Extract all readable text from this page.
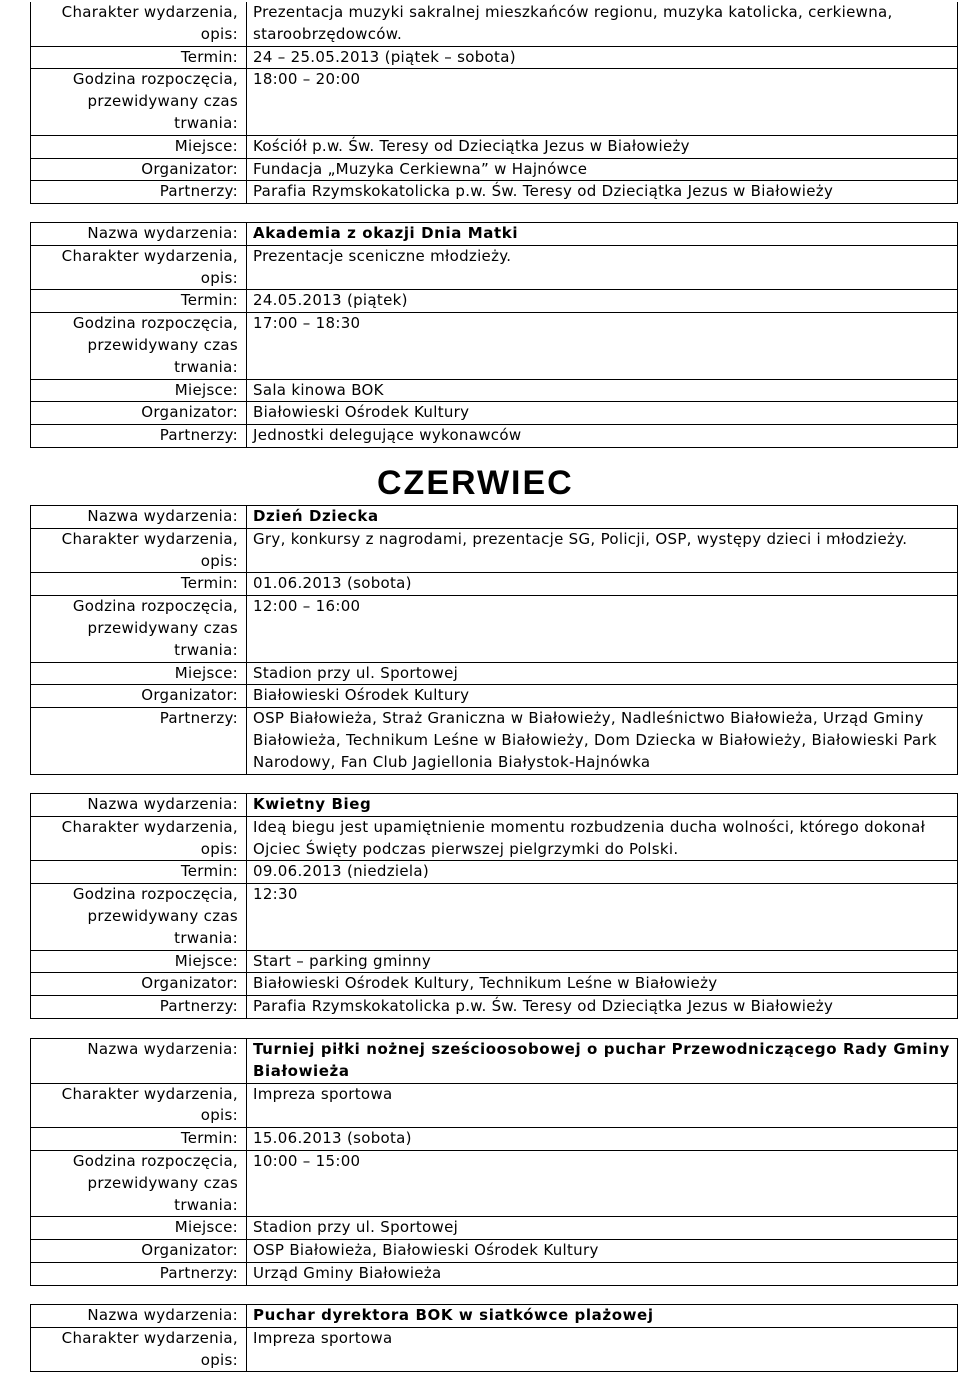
Charakter wydarzenia,
opis:	Prezentacja muzyki sakralnej mieszkańców regionu, muzyka katolicka, cerkiewna, staroobrzędowców.
Termin:	24 – 25.05.2013 (piątek – sobota)
Godzina rozpoczęcia,
przewidywany czas
trwania:	18:00 – 20:00
Miejsce:	Kościół p.w. Św. Teresy od Dzieciątka Jezus w Białowieży
Organizator:	Fundacja „Muzyka Cerkiewna” w Hajnówce
Partnerzy:	Parafia Rzymskokatolicka p.w. Św. Teresy od Dzieciątka Jezus w Białowieży
Nazwa wydarzenia:	Akademia z okazji Dnia Matki
Charakter wydarzenia,
opis:	Prezentacje sceniczne młodzieży.
Termin:	24.05.2013 (piątek)
Godzina rozpoczęcia,
przewidywany czas
trwania:	17:00 – 18:30
Miejsce:	Sala kinowa BOK
Organizator:	Białowieski Ośrodek Kultury
Partnerzy:	Jednostki delegujące wykonawców
CZERWIEC
Nazwa wydarzenia:	Dzień Dziecka
Charakter wydarzenia,
opis:	Gry, konkursy z nagrodami, prezentacje SG, Policji, OSP, występy dzieci i młodzieży.
Termin:	01.06.2013 (sobota)
Godzina rozpoczęcia,
przewidywany czas
trwania:	12:00 – 16:00
Miejsce:	Stadion przy ul. Sportowej
Organizator:	Białowieski Ośrodek Kultury
Partnerzy:	OSP Białowieża, Straż Graniczna w Białowieży, Nadleśnictwo Białowieża, Urząd Gminy Białowieża, Technikum Leśne w Białowieży, Dom Dziecka w Białowieży, Białowieski Park Narodowy, Fan Club Jagiellonia Białystok-Hajnówka
Nazwa wydarzenia:	Kwietny Bieg
Charakter wydarzenia,
opis:	Ideą biegu jest upamiętnienie momentu rozbudzenia ducha wolności, którego dokonał Ojciec Święty podczas pierwszej pielgrzymki do Polski.
Termin:	09.06.2013 (niedziela)
Godzina rozpoczęcia,
przewidywany czas
trwania:	12:30
Miejsce:	Start – parking gminny
Organizator:	Białowieski Ośrodek Kultury, Technikum Leśne w Białowieży
Partnerzy:	Parafia Rzymskokatolicka p.w. Św. Teresy od Dzieciątka Jezus w Białowieży
Nazwa wydarzenia:	Turniej piłki nożnej sześcioosobowej o puchar Przewodniczącego Rady Gminy Białowieża
Charakter wydarzenia,
opis:	Impreza sportowa
Termin:	15.06.2013 (sobota)
Godzina rozpoczęcia,
przewidywany czas
trwania:	10:00 – 15:00
Miejsce:	Stadion przy ul. Sportowej
Organizator:	OSP Białowieża, Białowieski Ośrodek Kultury
Partnerzy:	Urząd Gminy Białowieża
Nazwa wydarzenia:	Puchar dyrektora BOK w siatkówce plażowej
Charakter wydarzenia,
opis:	Impreza sportowa
